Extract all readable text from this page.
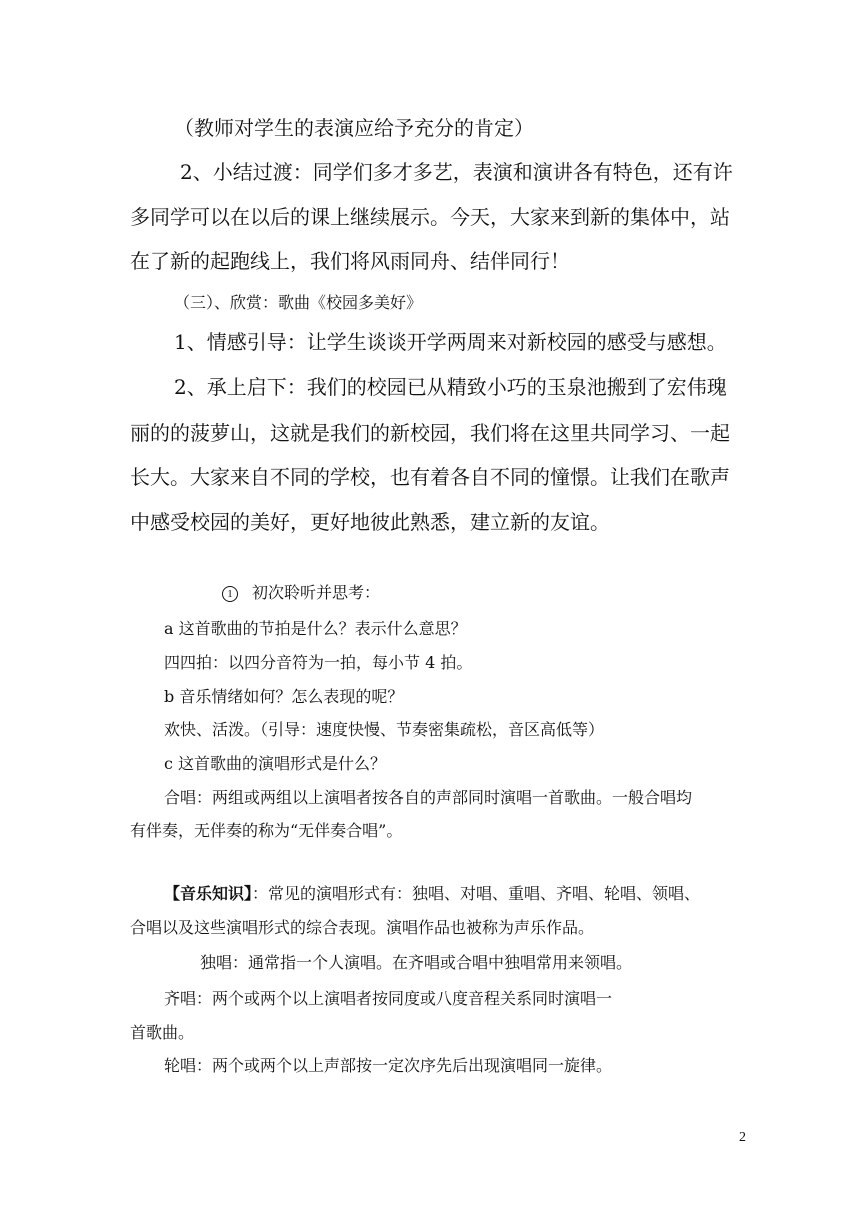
（教师对学生的表演应给予充分的肯定）
2、小结过渡：同学们多才多艺，表演和演讲各有特色，还有许
多同学可以在以后的课上继续展示。今天，大家来到新的集体中，站
在了新的起跑线上，我们将风雨同舟、结伴同行！
（三）、欣赏：歌曲《校园多美好》
1、情感引导：让学生谈谈开学两周来对新校园的感受与感想。
2、承上启下：我们的校园已从精致小巧的玉泉池搬到了宏伟瑰
丽的的菠萝山，这就是我们的新校园，我们将在这里共同学习、一起
长大。大家来自不同的学校，也有着各自不同的憧憬。让我们在歌声
中感受校园的美好，更好地彼此熟悉，建立新的友谊。
1 初次聆听并思考：
a 这首歌曲的节拍是什么？表示什么意思？
四四拍：以四分音符为一拍，每小节 4 拍。
b 音乐情绪如何？怎么表现的呢？
欢快、活泼。（引导：速度快慢、节奏密集疏松，音区高低等）
c 这首歌曲的演唱形式是什么？
合唱：两组或两组以上演唱者按各自的声部同时演唱一首歌曲。一般合唱均
有伴奏，无伴奏的称为“无伴奏合唱”。
【音乐知识】：常见的演唱形式有：独唱、对唱、重唱、齐唱、轮唱、领唱、
合唱以及这些演唱形式的综合表现。演唱作品也被称为声乐作品。
独唱：通常指一个人演唱。在齐唱或合唱中独唱常用来领唱。
齐唱：两个或两个以上演唱者按同度或八度音程关系同时演唱一
首歌曲。
轮唱：两个或两个以上声部按一定次序先后出现演唱同一旋律。
2
